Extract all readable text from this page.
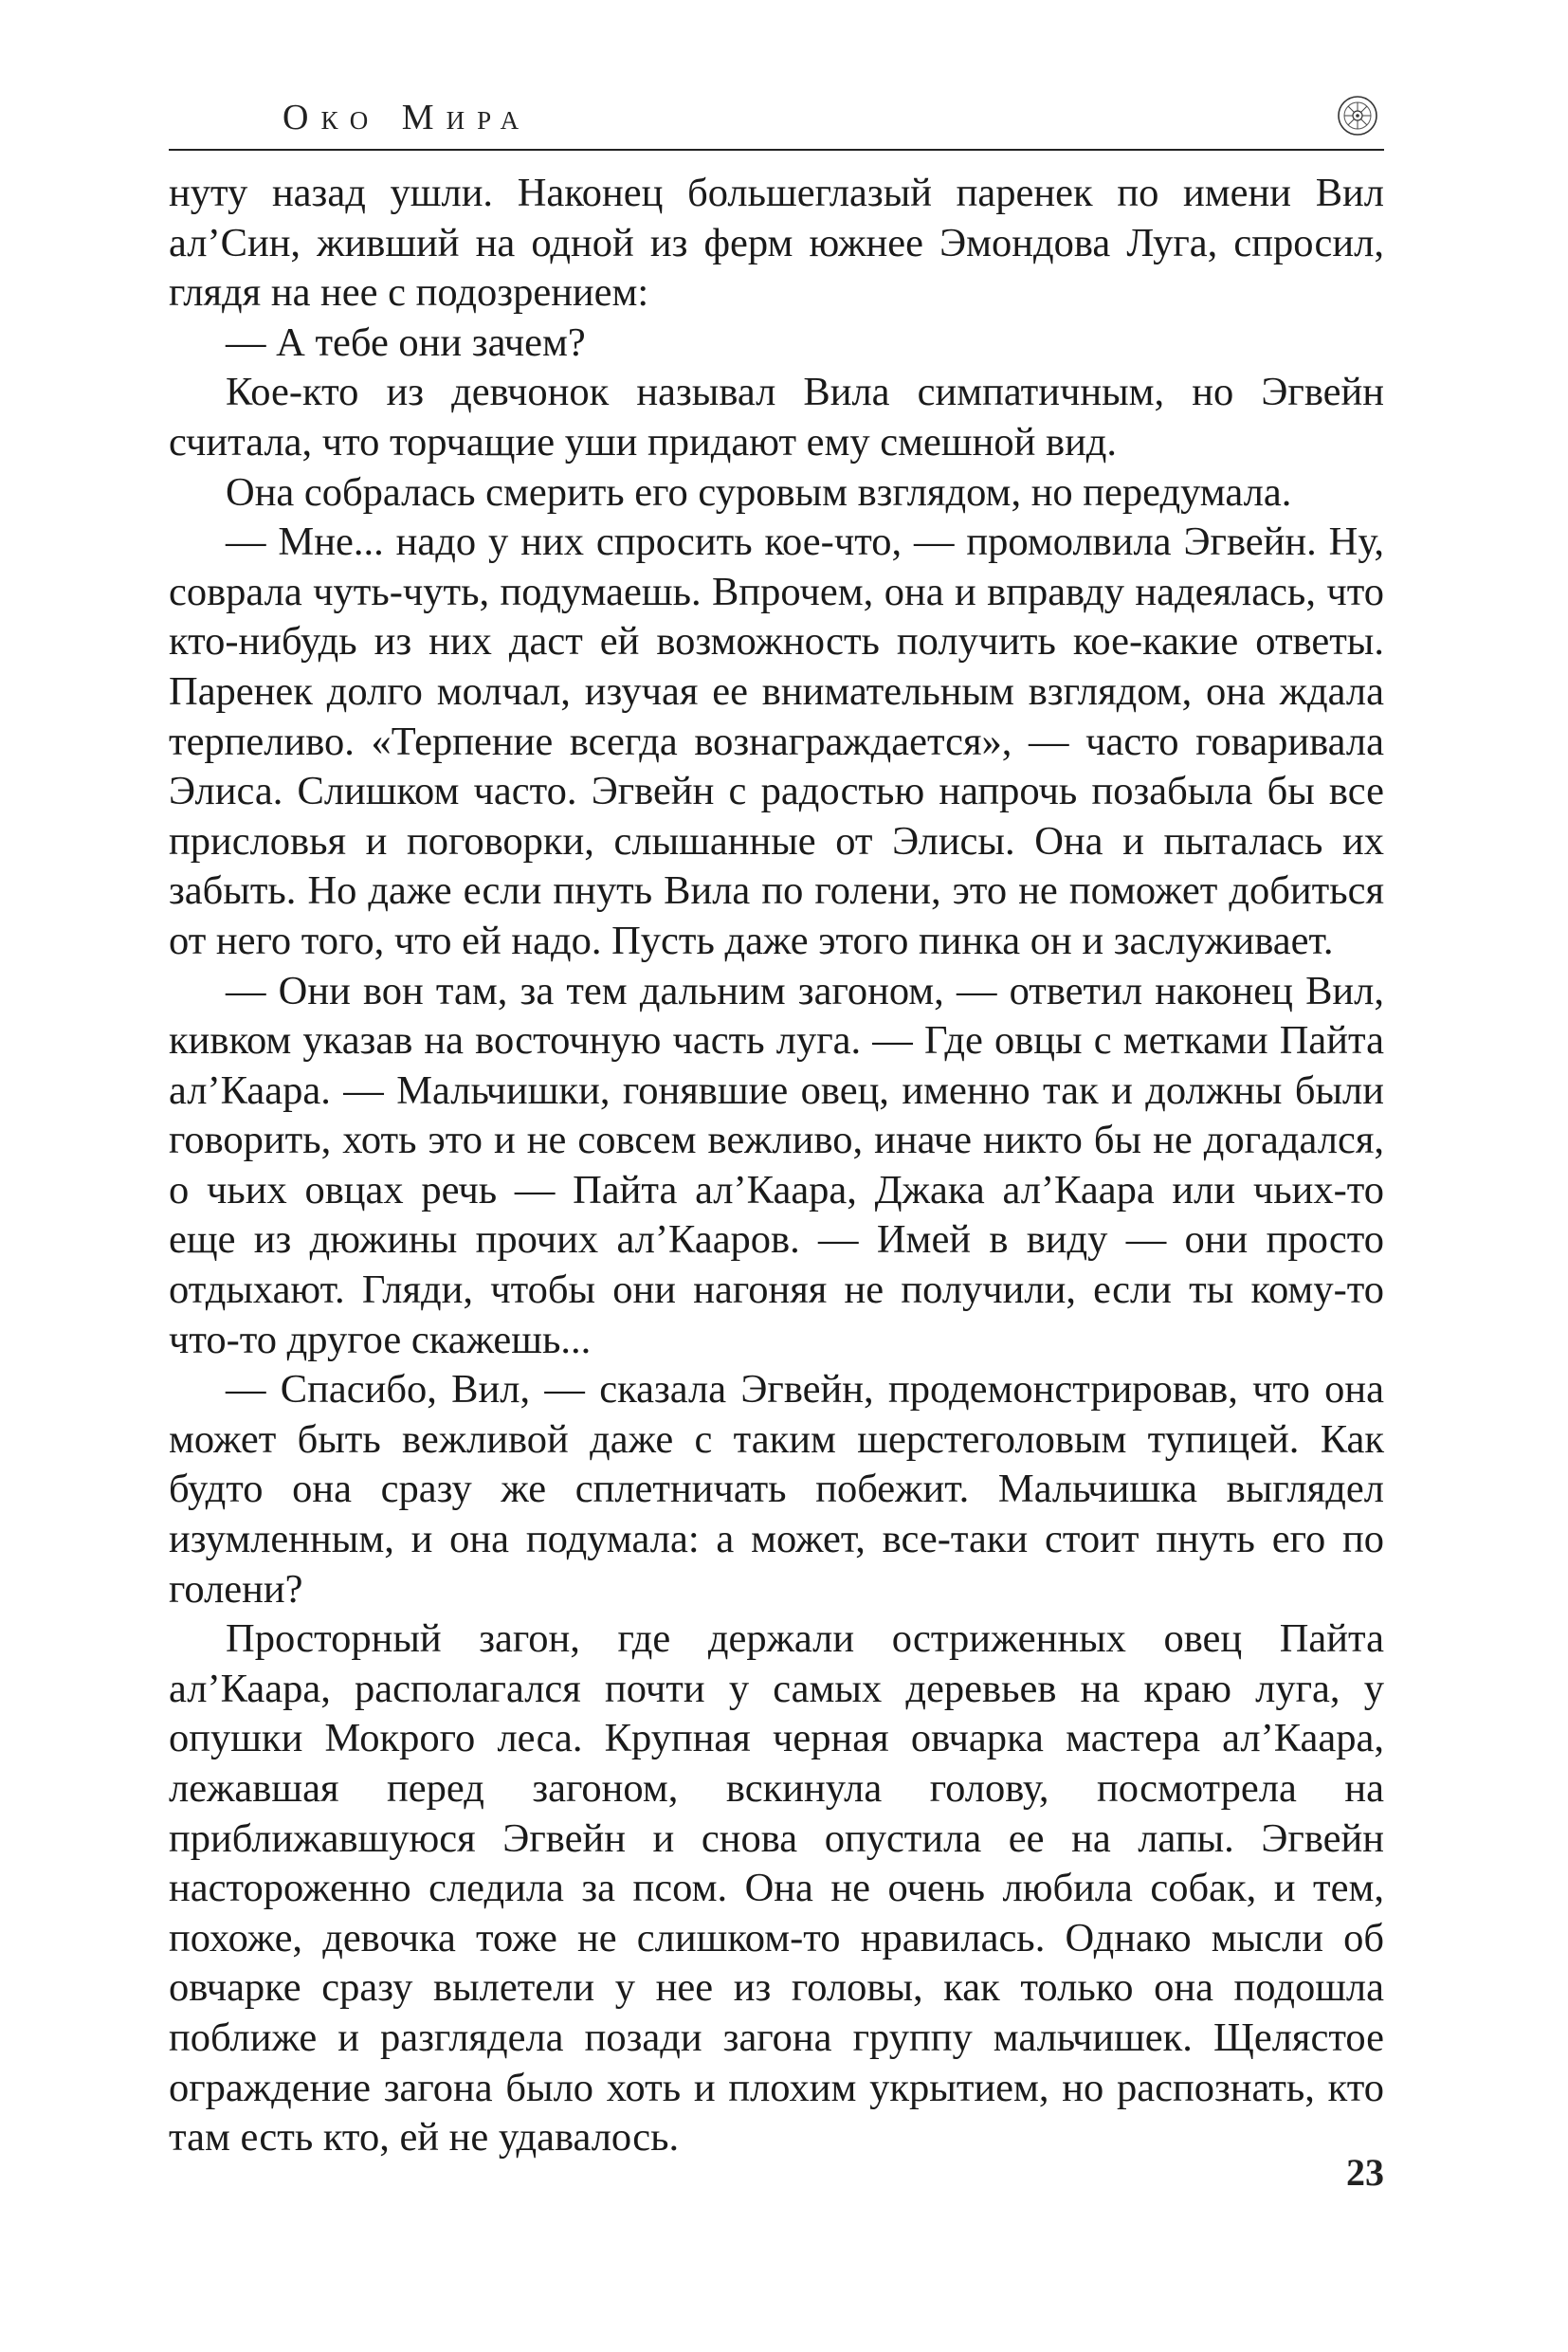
Око Мира

нуту назад ушли. Наконец большеглазый паренек по имени Вил ал’Син, живший на одной из ферм южнее Эмондова Луга, спросил, глядя на нее с подозрением:

— А тебе они зачем?

Кое-кто из девчонок называл Вила симпатичным, но Эгвейн считала, что торчащие уши придают ему смешной вид.

Она собралась смерить его суровым взглядом, но передумала.

— Мне... надо у них спросить кое-что, — промолвила Эгвейн. Ну, соврала чуть-чуть, подумаешь. Впрочем, она и вправду надеялась, что кто-нибудь из них даст ей возможность получить кое-какие ответы. Паренек долго молчал, изучая ее внимательным взглядом, она ждала терпеливо. «Терпение всегда вознаграждается», — часто говаривала Элиса. Слишком часто. Эгвейн с радостью напрочь позабыла бы все присловья и поговорки, слышанные от Элисы. Она и пыталась их забыть. Но даже если пнуть Вила по голени, это не поможет добиться от него того, что ей надо. Пусть даже этого пинка он и заслуживает.

— Они вон там, за тем дальним загоном, — ответил наконец Вил, кивком указав на восточную часть луга. — Где овцы с метками Пайта ал’Каара. — Мальчишки, гонявшие овец, именно так и должны были говорить, хоть это и не совсем вежливо, иначе никто бы не догадался, о чьих овцах речь — Пайта ал’Каара, Джака ал’Каара или чьих-то еще из дюжины прочих ал’Кааров. — Имей в виду — они просто отдыхают. Гляди, чтобы они нагоняя не получили, если ты кому-то что-то другое скажешь...

— Спасибо, Вил, — сказала Эгвейн, продемонстрировав, что она может быть вежливой даже с таким шерстеголовым тупицей. Как будто она сразу же сплетничать побежит. Мальчишка выглядел изумленным, и она подумала: а может, все-таки стоит пнуть его по голени?

Просторный загон, где держали остриженных овец Пайта ал’Каара, располагался почти у самых деревьев на краю луга, у опушки Мокрого леса. Крупная черная овчарка мастера ал’Каара, лежавшая перед загоном, вскинула голову, посмотрела на приближавшуюся Эгвейн и снова опустила ее на лапы. Эгвейн настороженно следила за псом. Она не очень любила собак, и тем, похоже, девочка тоже не слишком-то нравилась. Однако мысли об овчарке сразу вылетели у нее из головы, как только она подошла поближе и разглядела позади загона группу мальчишек. Щелястое ограждение загона было хоть и плохим укрытием, но распознать, кто там есть кто, ей не удавалось.

23
